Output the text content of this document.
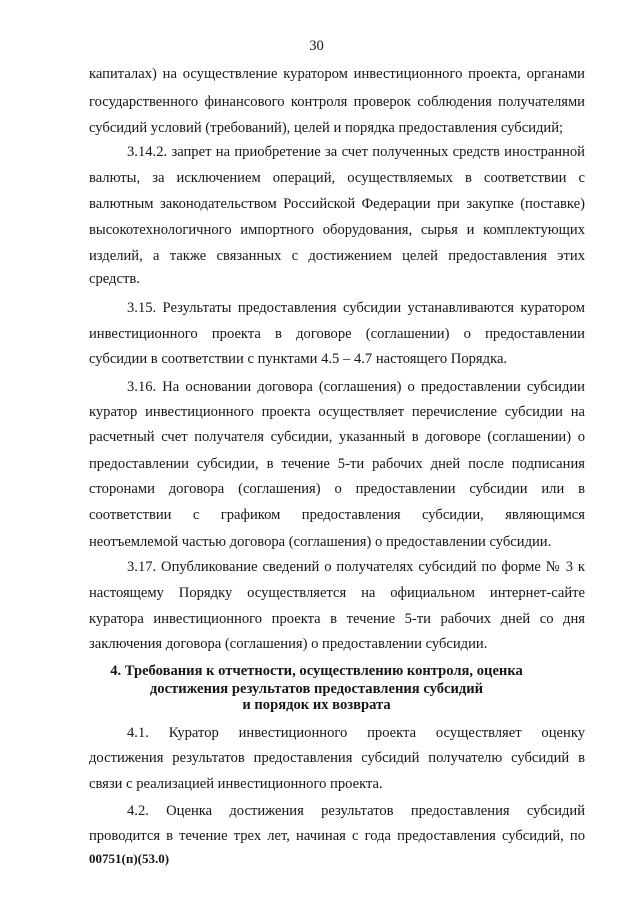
30
капиталах) на осуществление куратором инвестиционного проекта, органами
государственного финансового контроля проверок соблюдения получателями
субсидий условий (требований), целей и порядка предоставления субсидий;
3.14.2. запрет на приобретение за счет полученных средств иностранной
валюты, за исключением операций, осуществляемых в соответствии с
валютным законодательством Российской Федерации при закупке (поставке)
высокотехнологичного импортного оборудования, сырья и комплектующих
изделий, а также связанных с достижением целей предоставления этих
средств.
3.15. Результаты предоставления субсидии устанавливаются куратором
инвестиционного проекта в договоре (соглашении) о предоставлении
субсидии в соответствии с пунктами 4.5 – 4.7 настоящего Порядка.
3.16. На основании договора (соглашения) о предоставлении субсидии
куратор инвестиционного проекта осуществляет перечисление субсидии на
расчетный счет получателя субсидии, указанный в договоре (соглашении) о
предоставлении субсидии, в течение 5-ти рабочих дней после подписания
сторонами договора (соглашения) о предоставлении субсидии или в
соответствии с графиком предоставления субсидии, являющимся
неотъемлемой частью договора (соглашения) о предоставлении субсидии.
3.17. Опубликование сведений о получателях субсидий по форме № 3 к
настоящему Порядку осуществляется на официальном интернет-сайте
куратора инвестиционного проекта в течение 5-ти рабочих дней со дня
заключения договора (соглашения) о предоставлении субсидии.
4. Требования к отчетности, осуществлению контроля, оценка
достижения результатов предоставления субсидий
и порядок их возврата
4.1. Куратор инвестиционного проекта осуществляет оценку
достижения результатов предоставления субсидий получателю субсидий в
связи с реализацией инвестиционного проекта.
4.2. Оценка достижения результатов предоставления субсидий
проводится в течение трех лет, начиная с года предоставления субсидий, по
00751(п)(53.0)
